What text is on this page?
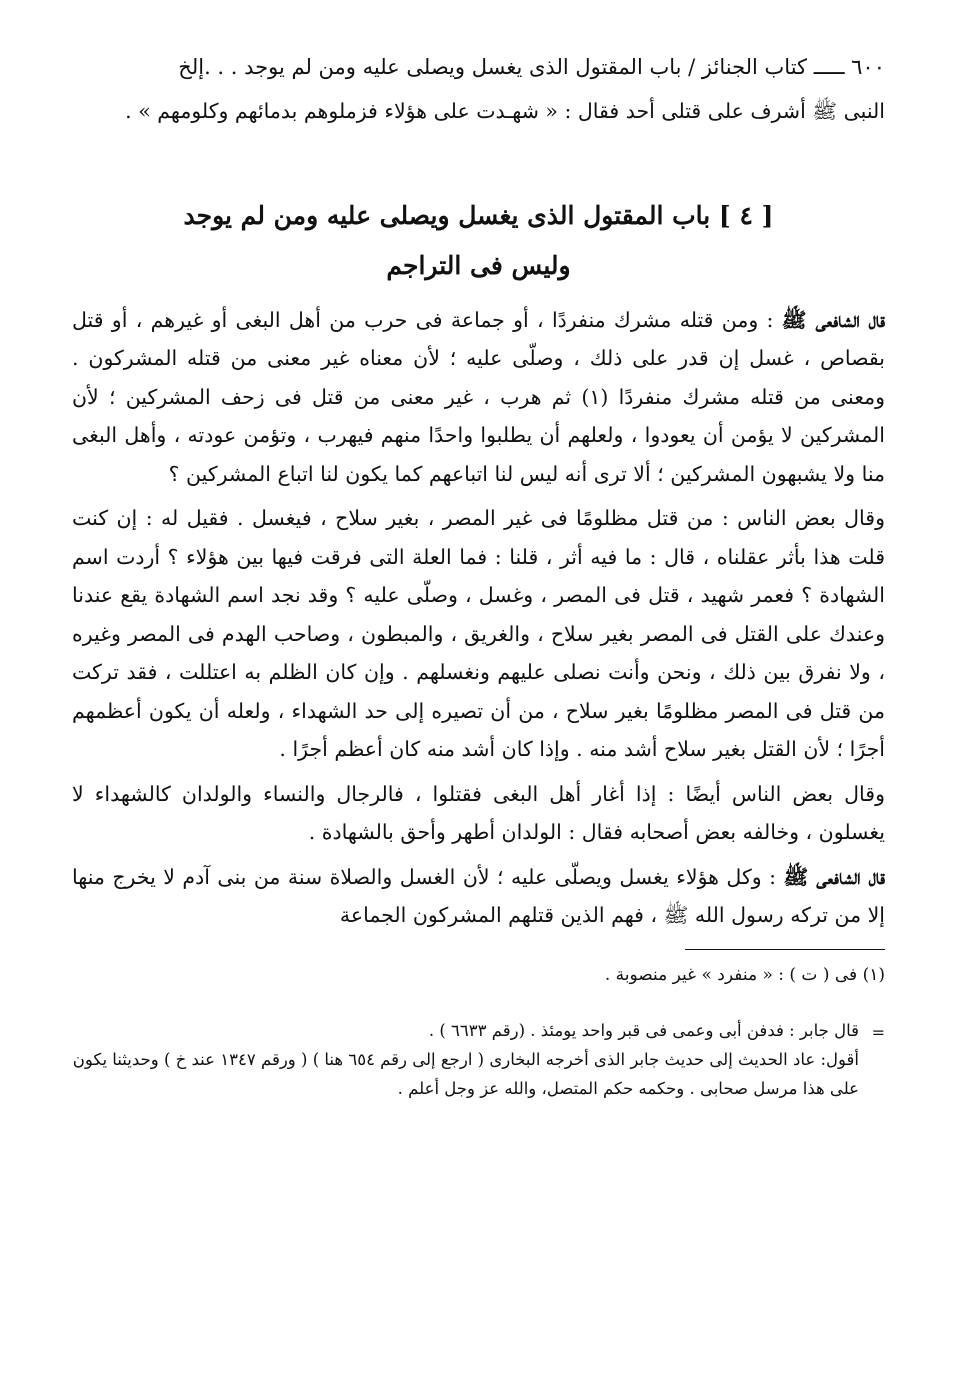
٦٠٠ ـــــ كتاب الجنائز / باب المقتول الذى يغسل ويصلى عليه ومن لم يوجد . . .إلخ

النبى ﷺ أشرف على قتلى أحد فقال : « شهـدت على هؤلاء فزملوهم بدمائهم وكلومهم » .

[ ٤ ] باب المقتول الذى يغسل ويصلى عليه ومن لم يوجد
وليس فى التراجم

قال الشافعى ﷺ : ومن قتله مشرك منفردًا ، أو جماعة فى حرب من أهل البغى أو غيرهم ، أو قتل بقصاص ، غسل إن قدر على ذلك ، وصلّى عليه ؛ لأن معناه غير معنى من قتله المشركون . ومعنى من قتله مشرك منفردًا (١) ثم هرب ، غير معنى من قتل فى زحف المشركين ؛ لأن المشركين لا يؤمن أن يعودوا ، ولعلهم أن يطلبوا واحدًا منهم فيهرب ، وتؤمن عودته ، وأهل البغى منا ولا يشبهون المشركين ؛ ألا ترى أنه ليس لنا اتباعهم كما يكون لنا اتباع المشركين ؟

وقال بعض الناس : من قتل مظلومًا فى غير المصر ، بغير سلاح ، فيغسل . فقيل له : إن كنت قلت هذا بأثر عقلناه ، قال : ما فيه أثر ، قلنا : فما العلة التى فرقت فيها بين هؤلاء ؟ أردت اسم الشهادة ؟ فعمر شهيد ، قتل فى المصر ، وغسل ، وصلّى عليه ؟ وقد نجد اسم الشهادة يقع عندنا وعندك على القتل فى المصر بغير سلاح ، والغريق ، والمبطون ، وصاحب الهدم فى المصر وغيره ، ولا نفرق بين ذلك ، ونحن وأنت نصلى عليهم ونغسلهم . وإن كان الظلم به اعتللت ، فقد تركت من قتل فى المصر مظلومًا بغير سلاح ، من أن تصيره إلى حد الشهداء ، ولعله أن يكون أعظمهم أجرًا ؛ لأن القتل بغير سلاح أشد منه . وإذا كان أشد منه كان أعظم أجرًا .

وقال بعض الناس أيضًا : إذا أغار أهل البغى فقتلوا ، فالرجال والنساء والولدان كالشهداء لا يغسلون ، وخالفه بعض أصحابه فقال : الولدان أطهر وأحق بالشهادة .

قال الشافعى ﷺ : وكل هؤلاء يغسل ويصلّى عليه ؛ لأن الغسل والصلاة سنة من بنى آدم لا يخرج منها إلا من تركه رسول الله ﷺ ، فهم الذين قتلهم المشركون الجماعة

(١) فى ( ت ) : « منفرد » غير منصوبة .

=

قال جابر : فدفن أبى وعمى فى قبر واحد يومئذ . (رقم ٦٦٣٣ ) .

أقول: عاد الحديث إلى حديث جابر الذى أخرجه البخارى ( ارجع إلى رقم ٦٥٤ هنا ) ( ورقم ١٣٤٧ عند خ ) وحديثنا يكون على هذا مرسل صحابى . وحكمه حكم المتصل، والله عز وجل أعلم .
